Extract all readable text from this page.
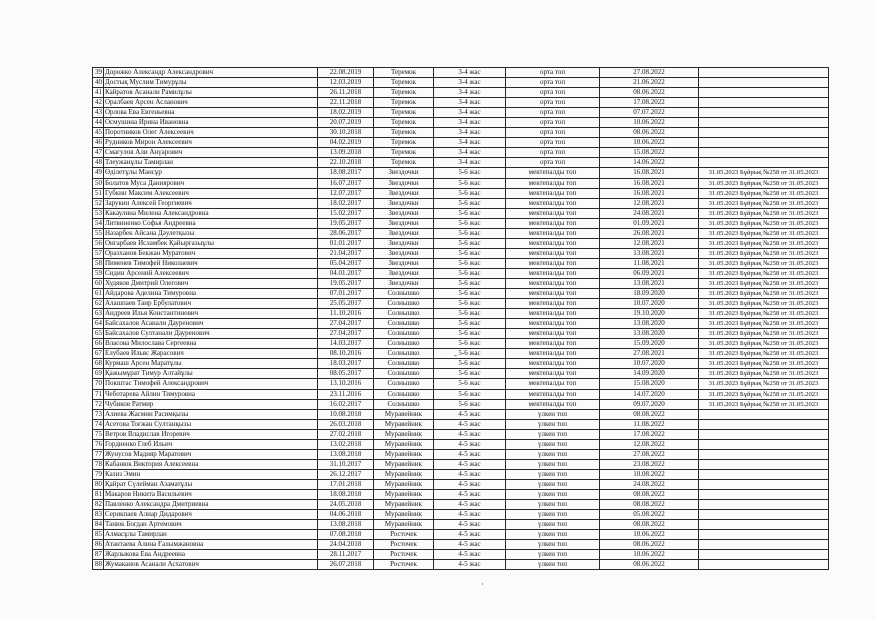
39	Дорожко Александр Александрович	22.08.2019	Теремок	3-4 жас	орта топ	27.08.2022	
40	Достық Муслим Тимурұлы	12.03.2019	Теремок	3-4 жас	орта топ	21.06.2022	
41	Кайратов Асанали Рамилұлы	26.11.2018	Теремок	3-4 жас	орта топ	08.06.2022	
42	Оралбаев Арсен Асланович	22.11.2018	Теремок	3-4 жас	орта топ	17.08.2022	
43	Орлова Ева Евгеньевна	18.02.2019	Теремок	3-4 жас	орта топ	07.07.2022	
44	Осмушина Ирина Ивановна	20.07.2019	Теремок	3-4 жас	орта топ	10.06.2022	
45	Поротников Олег Алексеевич	30.10.2018	Теремок	3-4 жас	орта топ	08.06.2022	
46	Рудников Мирон Алексеевич	04.02.2019	Теремок	3-4 жас	орта топ	10.06.2022	
47	Смагулов Али Анүарович	13.09.2018	Теремок	3-4 жас	орта топ	15.08.2022	
48	Тлеужанұлы Тамирлан	22.10.2018	Теремок	3-4 жас	орта топ	14.06.2022	
49	Өділетұлы Мансұр	18.08.2017	Звездочки	5-6 жас	мектепалды топ	16.08.2021	31.05.2023 Бұйрық №258 от 31.05.2023
50	Болатов Муса Даниярович	16.07.2017	Звездочки	5-6 жас	мектепалды топ	16.08.2021	31.05.2023 Бұйрық №258 от 31.05.2023
51	Губкин Максим Алексеевич	12.07.2017	Звездочки	5-6 жас	мектепалды топ	16.08.2021	31.05.2023 Бұйрық №258 от 31.05.2023
52	Зарукин Алексей Георгиевич	18.02.2017	Звездочки	5-6 жас	мектепалды топ	12.08.2021	31.05.2023 Бұйрық №258 от 31.05.2023
53	Какаулина Милена Александровна	15.02.2017	Звездочки	5-6 жас	мектепалды топ	24.08.2021	31.05.2023 Бұйрық №258 от 31.05.2023
54	Литвиненко Софья Андреевна	19.05.2017	Звездочки	5-6 жас	мектепалды топ	01.09.2021	31.05.2023 Бұйрық №258 от 31.05.2023
55	Назарбек Айсана Дәулетқызы	28.06.2017	Звездочки	5-6 жас	мектепалды топ	26.08.2021	31.05.2023 Бұйрық №258 от 31.05.2023
56	Онгарбаев Исламбек Қайырғазыұлы	01.01.2017	Звездочки	5-6 жас	мектепалды топ	12.08.2021	31.05.2023 Бұйрық №258 от 31.05.2023
57	Оразханов Бекжан Муратович	21.04.2017	Звездочки	5-6 жас	мектепалды топ	13.08.2021	31.05.2023 Бұйрық №258 от 31.05.2023
58	Пименев Тимофей Николаевич	05.04.2017	Звездочки	5-6 жас	мектепалды топ	11.08.2021	31.05.2023 Бұйрық №258 от 31.05.2023
59	Сидин Арсений Алексеевич	04.01.2017	Звездочки	5-6 жас	мектепалды топ	06.09.2021	31.05.2023 Бұйрық №258 от 31.05.2023
60	Худяков Дмитрий Олегович	19.05.2017	Звездочки	5-6 жас	мектепалды топ	13.08.2021	31.05.2023 Бұйрық №258 от 31.05.2023
61	Айдарова Аделина Тимуровна	07.01.2017	Солнышко	5-6 жас	мектепалды топ	18.09.2020	31.05.2023 Бұйрық №258 от 31.05.2023
62	Алашпаев Таир Ербулатович	25.05.2017	Солнышко	5-6 жас	мектепалды топ	10.07.2020	31.05.2023 Бұйрық №258 от 31.05.2023
63	Андреев Илья Константинович	11.10.2016	Солнышко	5-6 жас	мектепалды топ	19.10.2020	31.05.2023 Бұйрық №258 от 31.05.2023
64	Байсахалов Асанали Дауренович	27.04.2017	Солнышко	5-6 жас	мектепалды топ	13.08.2020	31.05.2023 Бұйрық №258 от 31.05.2023
65	Байсахалов Султанали Дауренович	27.04.2017	Солнышко	5-6 жас	мектепалды топ	13.08.2020	31.05.2023 Бұйрық №258 от 31.05.2023
66	Власова Милослава Сергеевна	14.03.2017	Солнышко	5-6 жас	мектепалды топ	15.09.2020	31.05.2023 Бұйрық №258 от 31.05.2023
67	Елубаев Ильяс Жарасович	08.10.2016	Солнышко	5-6 жас	мектепалды топ	27.08.2021	31.05.2023 Бұйрық №258 от 31.05.2023
68	Курмаш Арсен Маратұлы	18.03.2017	Солнышко	5-6 жас	мектепалды топ	10.07.2020	31.05.2023 Бұйрық №258 от 31.05.2023
69	Қажымұрат Тимур Алтайұлы	08.05.2017	Солнышко	5-6 жас	мектепалды топ	14.09.2020	31.05.2023 Бұйрық №258 от 31.05.2023
70	Покштас Тимофей Александрович	13.10.2016	Солнышко	5-6 жас	мектепалды топ	15.08.2020	31.05.2023 Бұйрық №258 от 31.05.2023
71	Чеботарева Айлин Тимуровна	23.11.2016	Солнышко	5-6 жас	мектепалды топ	14.07.2020	31.05.2023 Бұйрық №258 от 31.05.2023
72	Чубиков Ратмир	16.02.2017	Солнышко	5-6 жас	мектепалды топ	09.07.2020	31.05.2023 Бұйрық №258 от 31.05.2023
73	Алиева Жасмин Расимқызы	10.08.2018	Муравейник	4-5 жас	үлкен топ	08.08.2022	
74	Асетова Тоғжан Султанқызы	26.03.2018	Муравейник	4-5 жас	үлкен топ	11.08.2022	
75	Ветров Владислав Игоревич	27.02.2018	Муравейник	4-5 жас	үлкен топ	17.08.2022	
76	Гордиенко Глеб Ильич	13.02.2018	Муравейник	4-5 жас	үлкен топ	12.08.2022	
77	Жунусов Мадияр Маратович	13.08.2018	Муравейник	4-5 жас	үлкен топ	27.08.2022	
78	Кабанюк Виктория Алексеевна	31.10.2017	Муравейник	4-5 жас	үлкен топ	23.08.2022	
79	Казиз Эмин	26.12.2017	Муравейник	4-5 жас	үлкен топ	10.08.2022	
80	Қайрат Сүлейман Азаматұлы	17.01.2018	Муравейник	4-5 жас	үлкен топ	24.08.2022	
81	Макаров Никита Васильевич	18.08.2018	Муравейник	4-5 жас	үлкен топ	08.08.2022	
82	Павленко Александра Дмитриевна	24.05.2018	Муравейник	4-5 жас	үлкен топ	08.08.2022	
83	Серикпаев Алиар Дидарович	04.06.2018	Муравейник	4-5 жас	үлкен топ	05.08.2022	
84	Танюк Богдан Артемович	13.08.2018	Муравейник	4-5 жас	үлкен топ	08.08.2022	
85	Алмасұлы Тамирлан	07.08.2018	Росточек	4-5 жас	үлкен топ	10.06.2022	
86	Атантаева Алина Ғалымжановна	24.04.2018	Росточек	4-5 жас	үлкен топ	08.06.2022	
87	Жарлыкова Ева Андреевна	28.11.2017	Росточек	4-5 жас	үлкен топ	10.06.2022	
88	Жумаканов Асанали Асхатович	26.07.2018	Росточек	4-5 жас	үлкен топ	08.06.2022	
‐
·
